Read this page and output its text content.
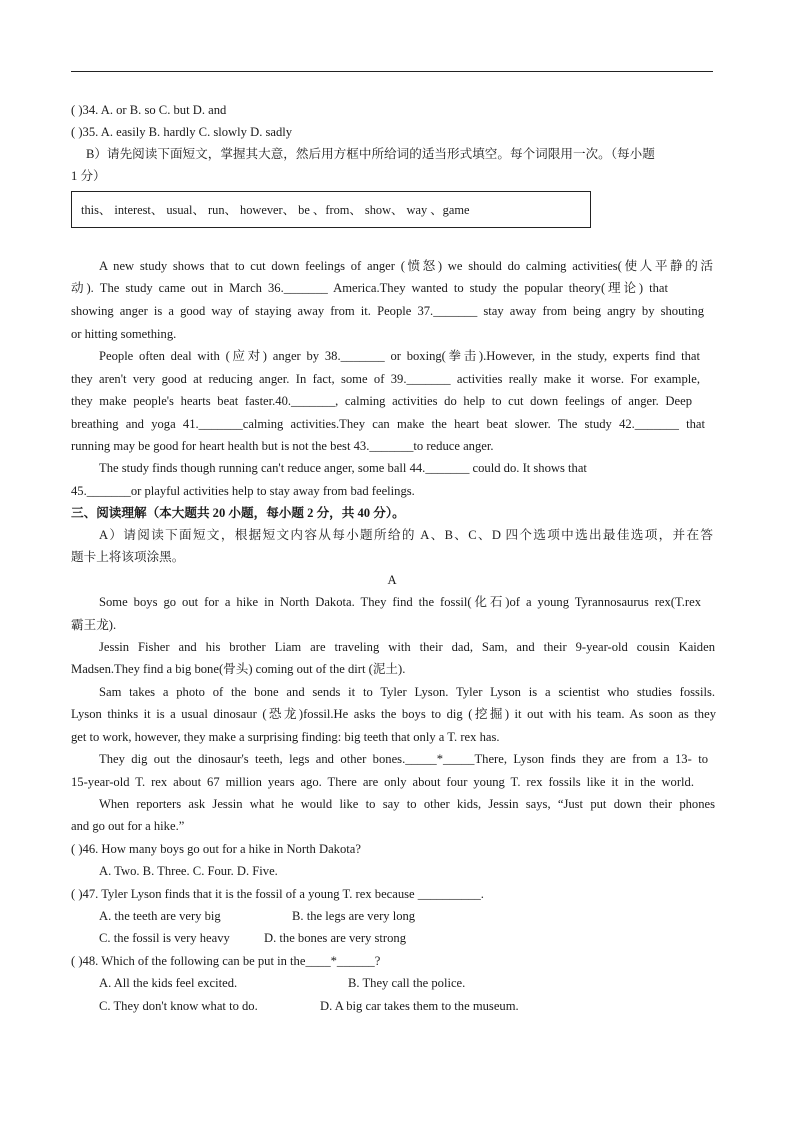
( )34. A. or B. so C. but D. and
( )35. A. easily B. hardly C. slowly D. sadly
B）请先阅读下面短文，掌握其大意，然后用方框中所给词的适当形式填空。每个词限用一次。（每小题
1 分）
this、 interest、 usual、 run、 however、 be 、from、 show、 way 、game
A new study shows that to cut down feelings of anger (愤怒) we should do calming activities(使人平静的活
动). The study came out in March 36._______ America.They wanted to study the popular theory(理论) that
showing anger is a good way of staying away from it. People 37._______ stay away from being angry by shouting
or hitting something.
People often deal with (应对) anger by 38._______ or boxing(拳击).However, in the study, experts find that
they aren't very good at reducing anger. In fact, some of 39._______ activities really make it worse. For example,
they make people's hearts beat faster.40._______, calming activities do help to cut down feelings of anger. Deep
breathing and yoga 41._______calming activities.They can make the heart beat slower. The study 42._______ that
running may be good for heart health but is not the best 43._______to reduce anger.
The study finds though running can't reduce anger, some ball 44._______ could do. It shows that
45._______or playful activities help to stay away from bad feelings.
三、阅读理解（本大题共 20 小题，每小题 2 分，共 40 分）。
A）请阅读下面短文，根据短文内容从每小题所给的 A、B、C、D 四个选项中选出最佳选项，并在答
题卡上将该项涂黑。
A
Some boys go out for a hike in North Dakota. They find the fossil(化石)of a young Tyrannosaurus rex(T.rex
霸王龙).
Jessin Fisher and his brother Liam are traveling with their dad, Sam, and their 9-year-old cousin Kaiden
Madsen.They find a big bone(骨头) coming out of the dirt (泥土).
Sam takes a photo of the bone and sends it to Tyler Lyson. Tyler Lyson is a scientist who studies fossils.
Lyson thinks it is a usual dinosaur (恐龙)fossil.He asks the boys to dig (挖掘) it out with his team. As soon as they
get to work, however, they make a surprising finding: big teeth that only a T. rex has.
They dig out the dinosaur's teeth, legs and other bones._____*_____There, Lyson finds they are from a 13- to
15-year-old T. rex about 67 million years ago. There are only about four young T. rex fossils like it in the world.
When reporters ask Jessin what he would like to say to other kids, Jessin says, “Just put down their phones
and go out for a hike.”
( )46. How many boys go out for a hike in North Dakota?
A. Two. B. Three. C. Four. D. Five.
( )47. Tyler Lyson finds that it is the fossil of a young T. rex because __________.
A. the teeth are very big	B. the legs are very long
C. the fossil is very heavy	D. the bones are very strong
( )48. Which of the following can be put in the____*______?
A. All the kids feel excited.	B. They call the police.
C. They don't know what to do.	D. A big car takes them to the museum.
